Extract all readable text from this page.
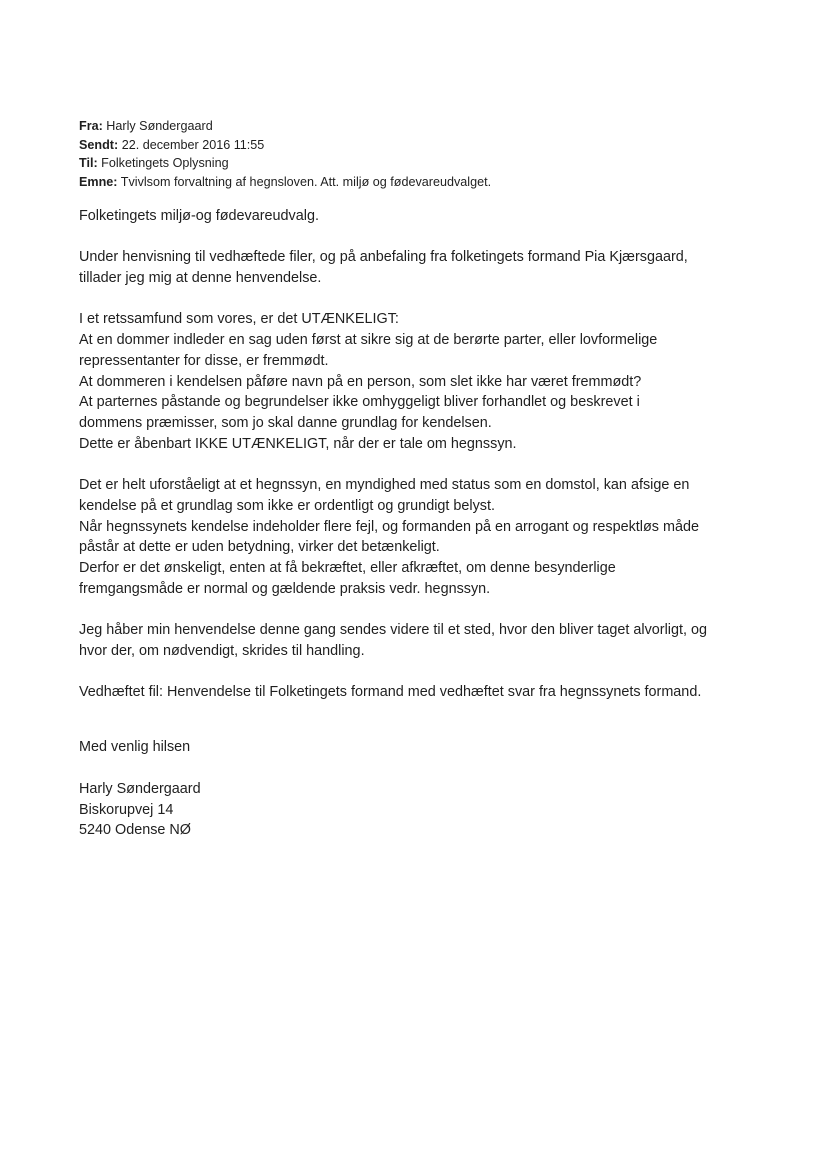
Fra: Harly Søndergaard
Sendt: 22. december 2016 11:55
Til: Folketingets Oplysning
Emne: Tvivlsom forvaltning af hegnsloven. Att. miljø og fødevareudvalget.

Folketingets miljø-og fødevareudvalg.

Under henvisning til vedhæftede filer, og på anbefaling fra folketingets formand Pia Kjærsgaard,
tillader jeg mig at denne henvendelse.

I et retssamfund som vores, er det UTÆNKELIGT:
At en dommer indleder en sag uden først at sikre sig at de berørte parter, eller lovformelige
repressentanter for disse, er fremmødt.
At dommeren i kendelsen påføre navn på en person, som slet ikke har været fremmødt?
At parternes påstande og begrundelser ikke omhyggeligt bliver forhandlet og beskrevet i
dommens præmisser, som jo skal danne grundlag for kendelsen.
Dette er åbenbart IKKE UTÆNKELIGT, når der er tale om hegnssyn.

Det er helt uforståeligt at et hegnssyn, en myndighed med status som en domstol, kan afsige en
kendelse på et grundlag som ikke er ordentligt og grundigt belyst.
Når hegnssynets kendelse indeholder flere fejl, og formanden på en arrogant og respektløs måde
påstår at dette er uden betydning, virker det betænkeligt.
Derfor er det ønskeligt, enten at få bekræftet, eller afkræftet, om denne besynderlige
fremgangsmåde er normal og gældende praksis vedr. hegnssyn.

Jeg håber min henvendelse denne gang sendes videre til et sted, hvor den bliver taget alvorligt, og
hvor der, om nødvendigt, skrides til handling.

Vedhæftet fil: Henvendelse til Folketingets formand med vedhæftet svar fra hegnssynets formand.

Med venlig hilsen
Harly Søndergaard
Biskorupvej 14
5240 Odense NØ
